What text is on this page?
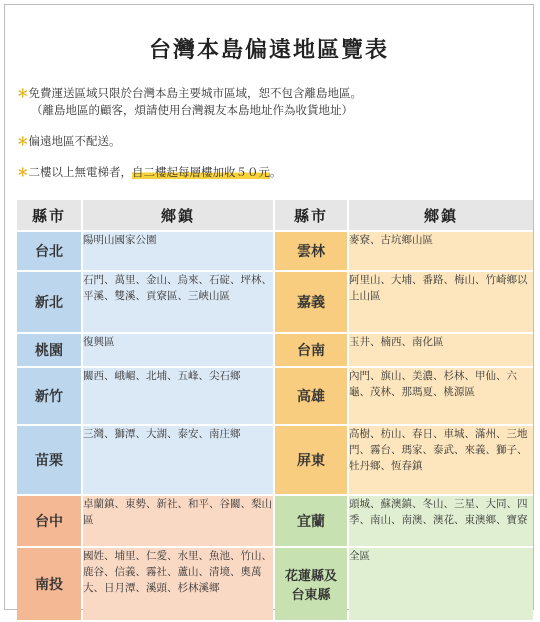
台灣本島偏遠地區覽表
＊免費運送區域只限於台灣本島主要城市區域，恕不包含離島地區。
（離島地區的顧客，煩請使用台灣親友本島地址作為收貨地址）
＊偏遠地區不配送。
＊二樓以上無電梯者，自二樓起每層樓加收５０元。
縣市	鄉鎮	縣市	鄉鎮
台北	陽明山國家公園	雲林	麥寮、古坑鄉山區
新北	石門、萬里、金山、烏來、石碇、坪林、平溪、雙溪、貢寮區、三峽山區	嘉義	阿里山、大埔、番路、梅山、竹崎鄉以上山區
桃園	復興區	台南	玉井、楠西、南化區
新竹	關西、峨嵋、北埔、五峰、尖石鄉	高雄	內門、旗山、美濃、杉林、甲仙、六龜、茂林、那瑪夏、桃源區
苗栗	三灣、獅潭、大湖、泰安、南庄鄉	屏東	高樹、枋山、春日、車城、滿州、三地門、霧台、瑪家、泰武、來義、獅子、牡丹鄉、恆春鎮
台中	卓蘭鎮、東勢、新社、和平、谷關、梨山區	宜蘭	頭城、蘇澳鎮、冬山、三星、大同、四季、南山、南澳、澳花、東澳鄉、寶寮
南投	國姓、埔里、仁愛、水里、魚池、竹山、鹿谷、信義、霧社、蘆山、清境、奧萬大、日月潭、溪頭、杉林溪鄉	花蓮縣及台東縣	全區
